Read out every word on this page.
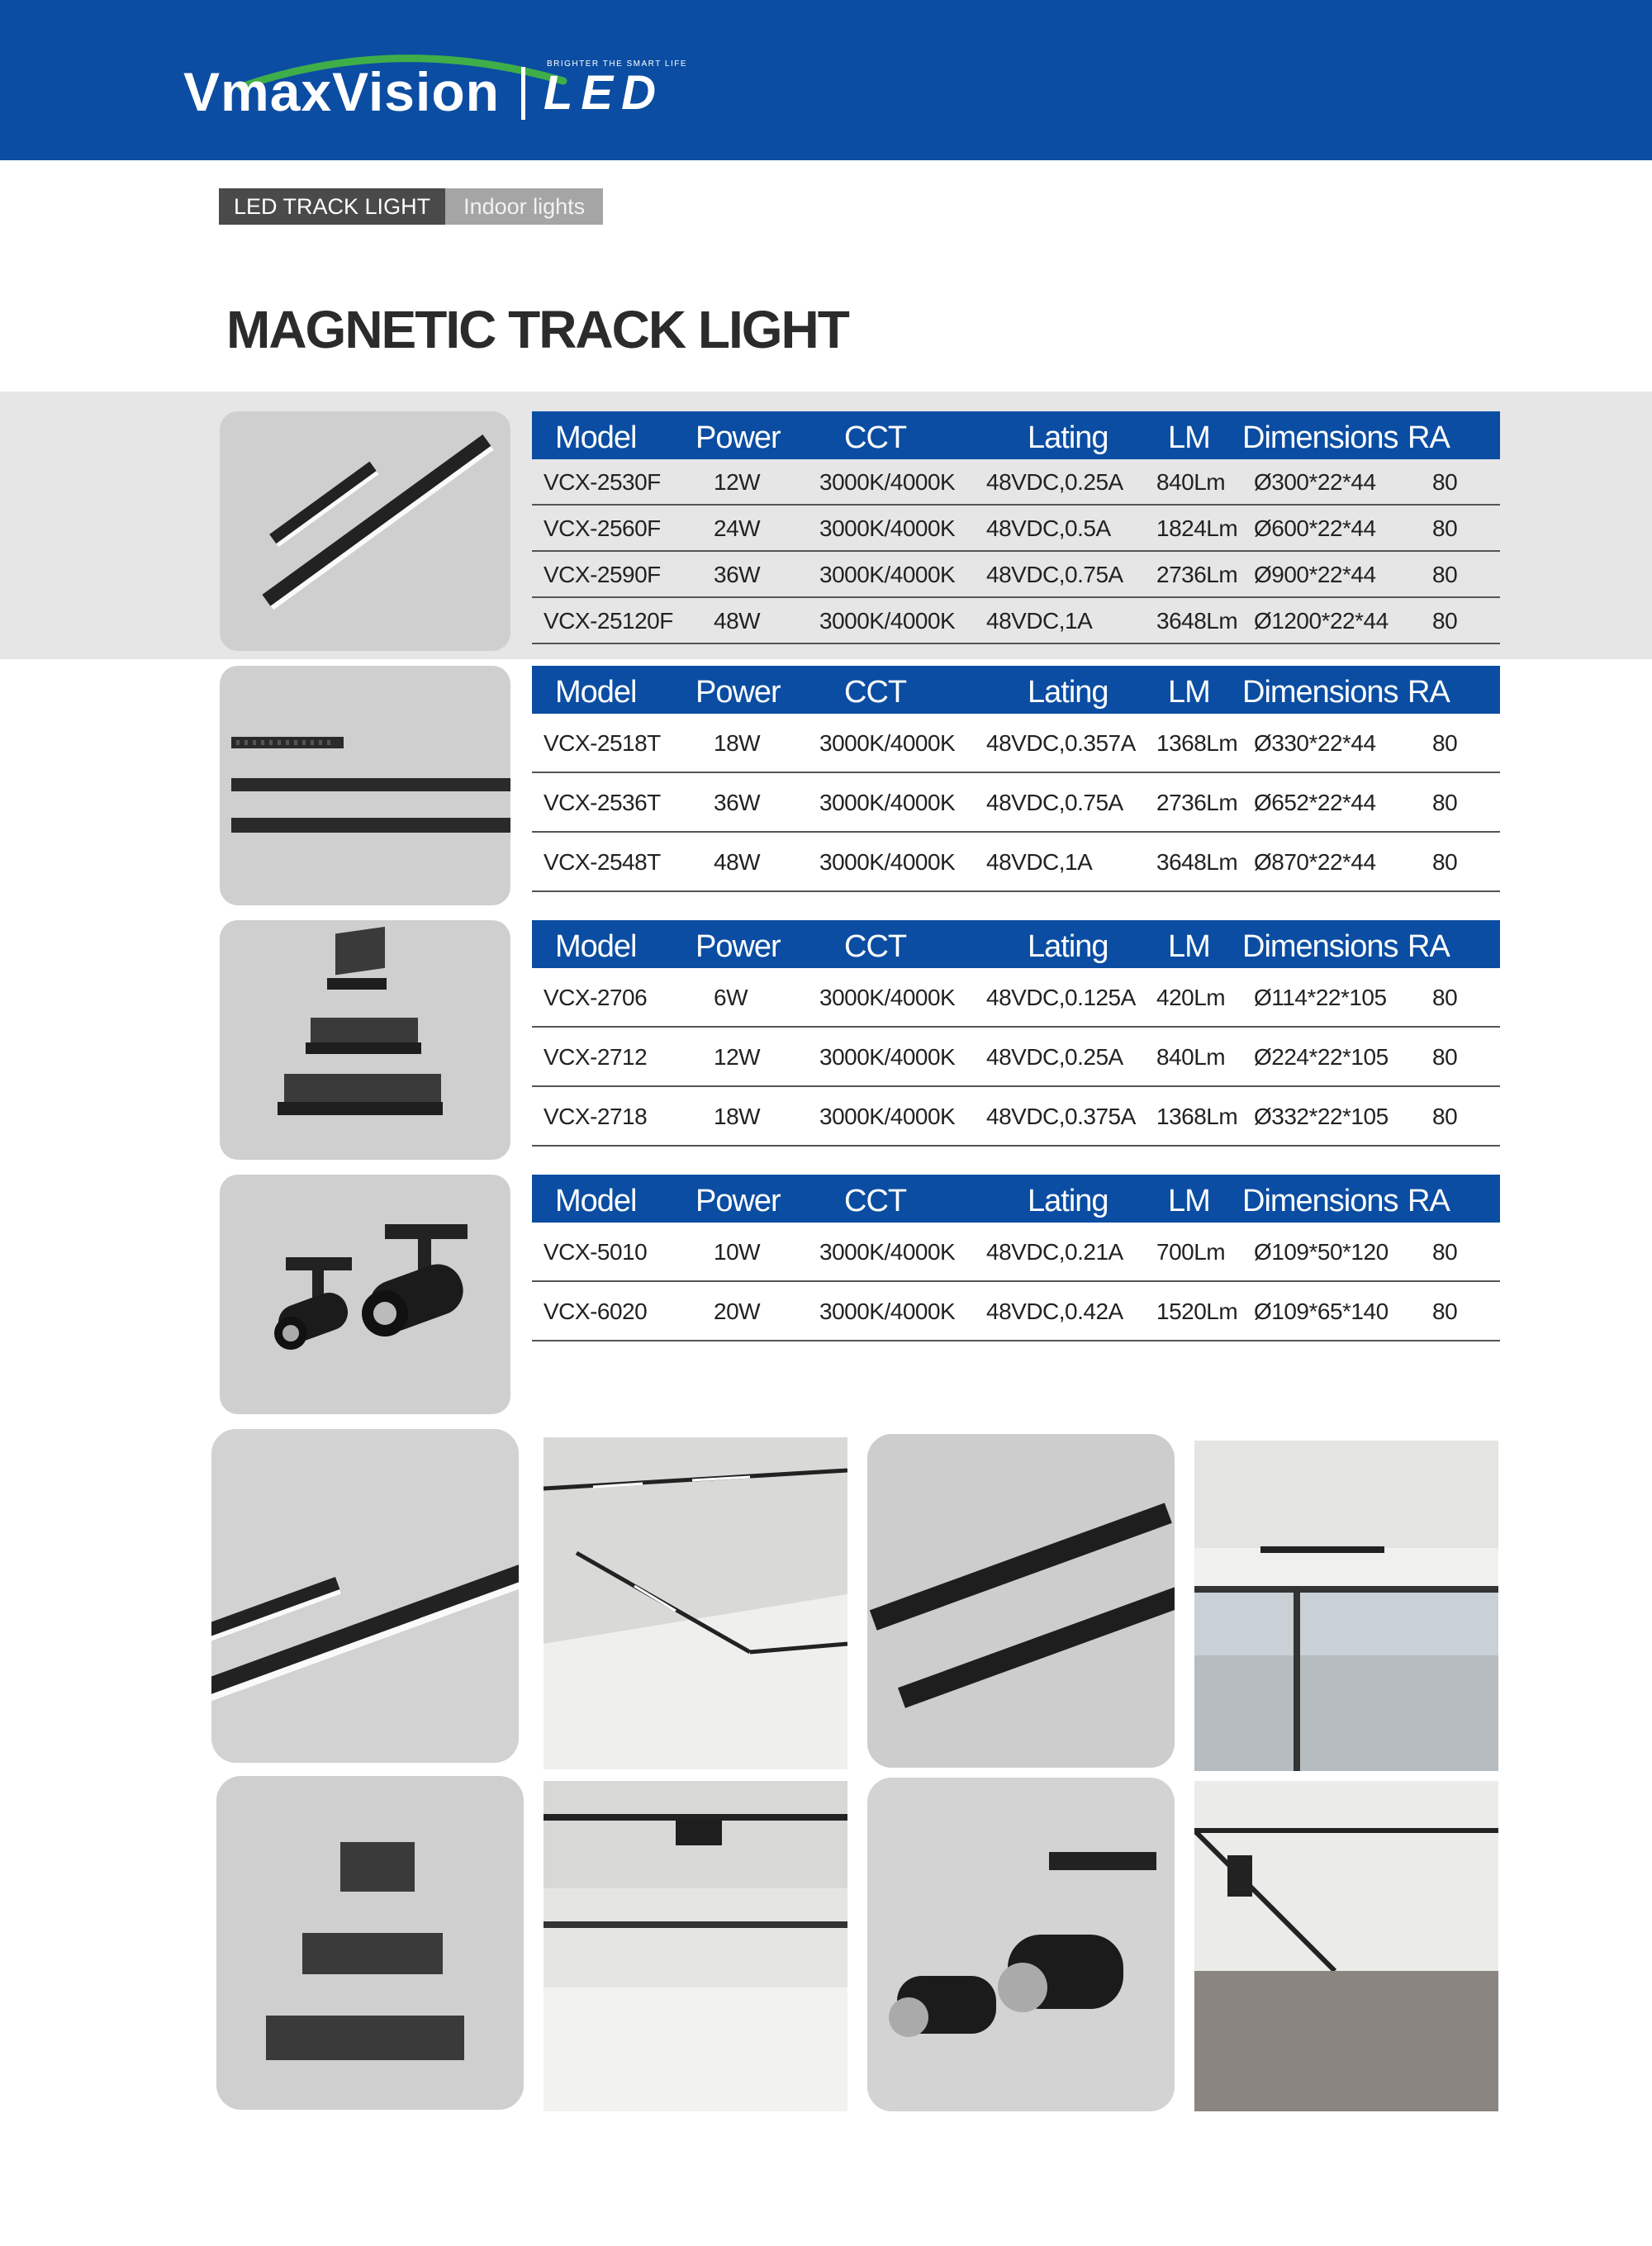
VmaxVision	BRIGHTER THE SMART LIFE
LED
LED TRACK LIGHT	Indoor lights
MAGNETIC TRACK LIGHT
Model Power CCT	Lating LM Dimensions RA
VCX-2530F 12W	3000K/4000K 48VDC,0.25A 840Lm Ø300*22*44 80
VCX-2560F 24W	3000K/4000K 48VDC,0.5A 1824Lm Ø600*22*44 80
VCX-2590F 36W	3000K/4000K 48VDC,0.75A 2736Lm Ø900*22*44 80
VCX-25120F 48W	3000K/4000K 48VDC,1A	3648Lm Ø1200*22*44 80
Model Power CCT	Lating LM Dimensions RA
VCX-2518T 18W	3000K/4000K 48VDC,0.357A 1368Lm Ø330*22*44 80
VCX-2536T 36W	3000K/4000K 48VDC,0.75A 2736Lm Ø652*22*44 80
VCX-2548T 48W	3000K/4000K 48VDC,1A	3648Lm Ø870*22*44 80
Model Power CCT	Lating LM Dimensions RA
VCX-2706	6W	3000K/4000K 48VDC,0.125A 420Lm Ø114*22*105 80
VCX-2712	12W	3000K/4000K 48VDC,0.25A 840Lm Ø224*22*105 80
VCX-2718	18W	3000K/4000K 48VDC,0.375A 1368Lm Ø332*22*105 80
Model Power CCT	Lating LM Dimensions RA
VCX-5010	10W	3000K/4000K 48VDC,0.21A 700Lm Ø109*50*120 80
VCX-6020	20W	3000K/4000K 48VDC,0.42A 1520Lm Ø109*65*140 80
